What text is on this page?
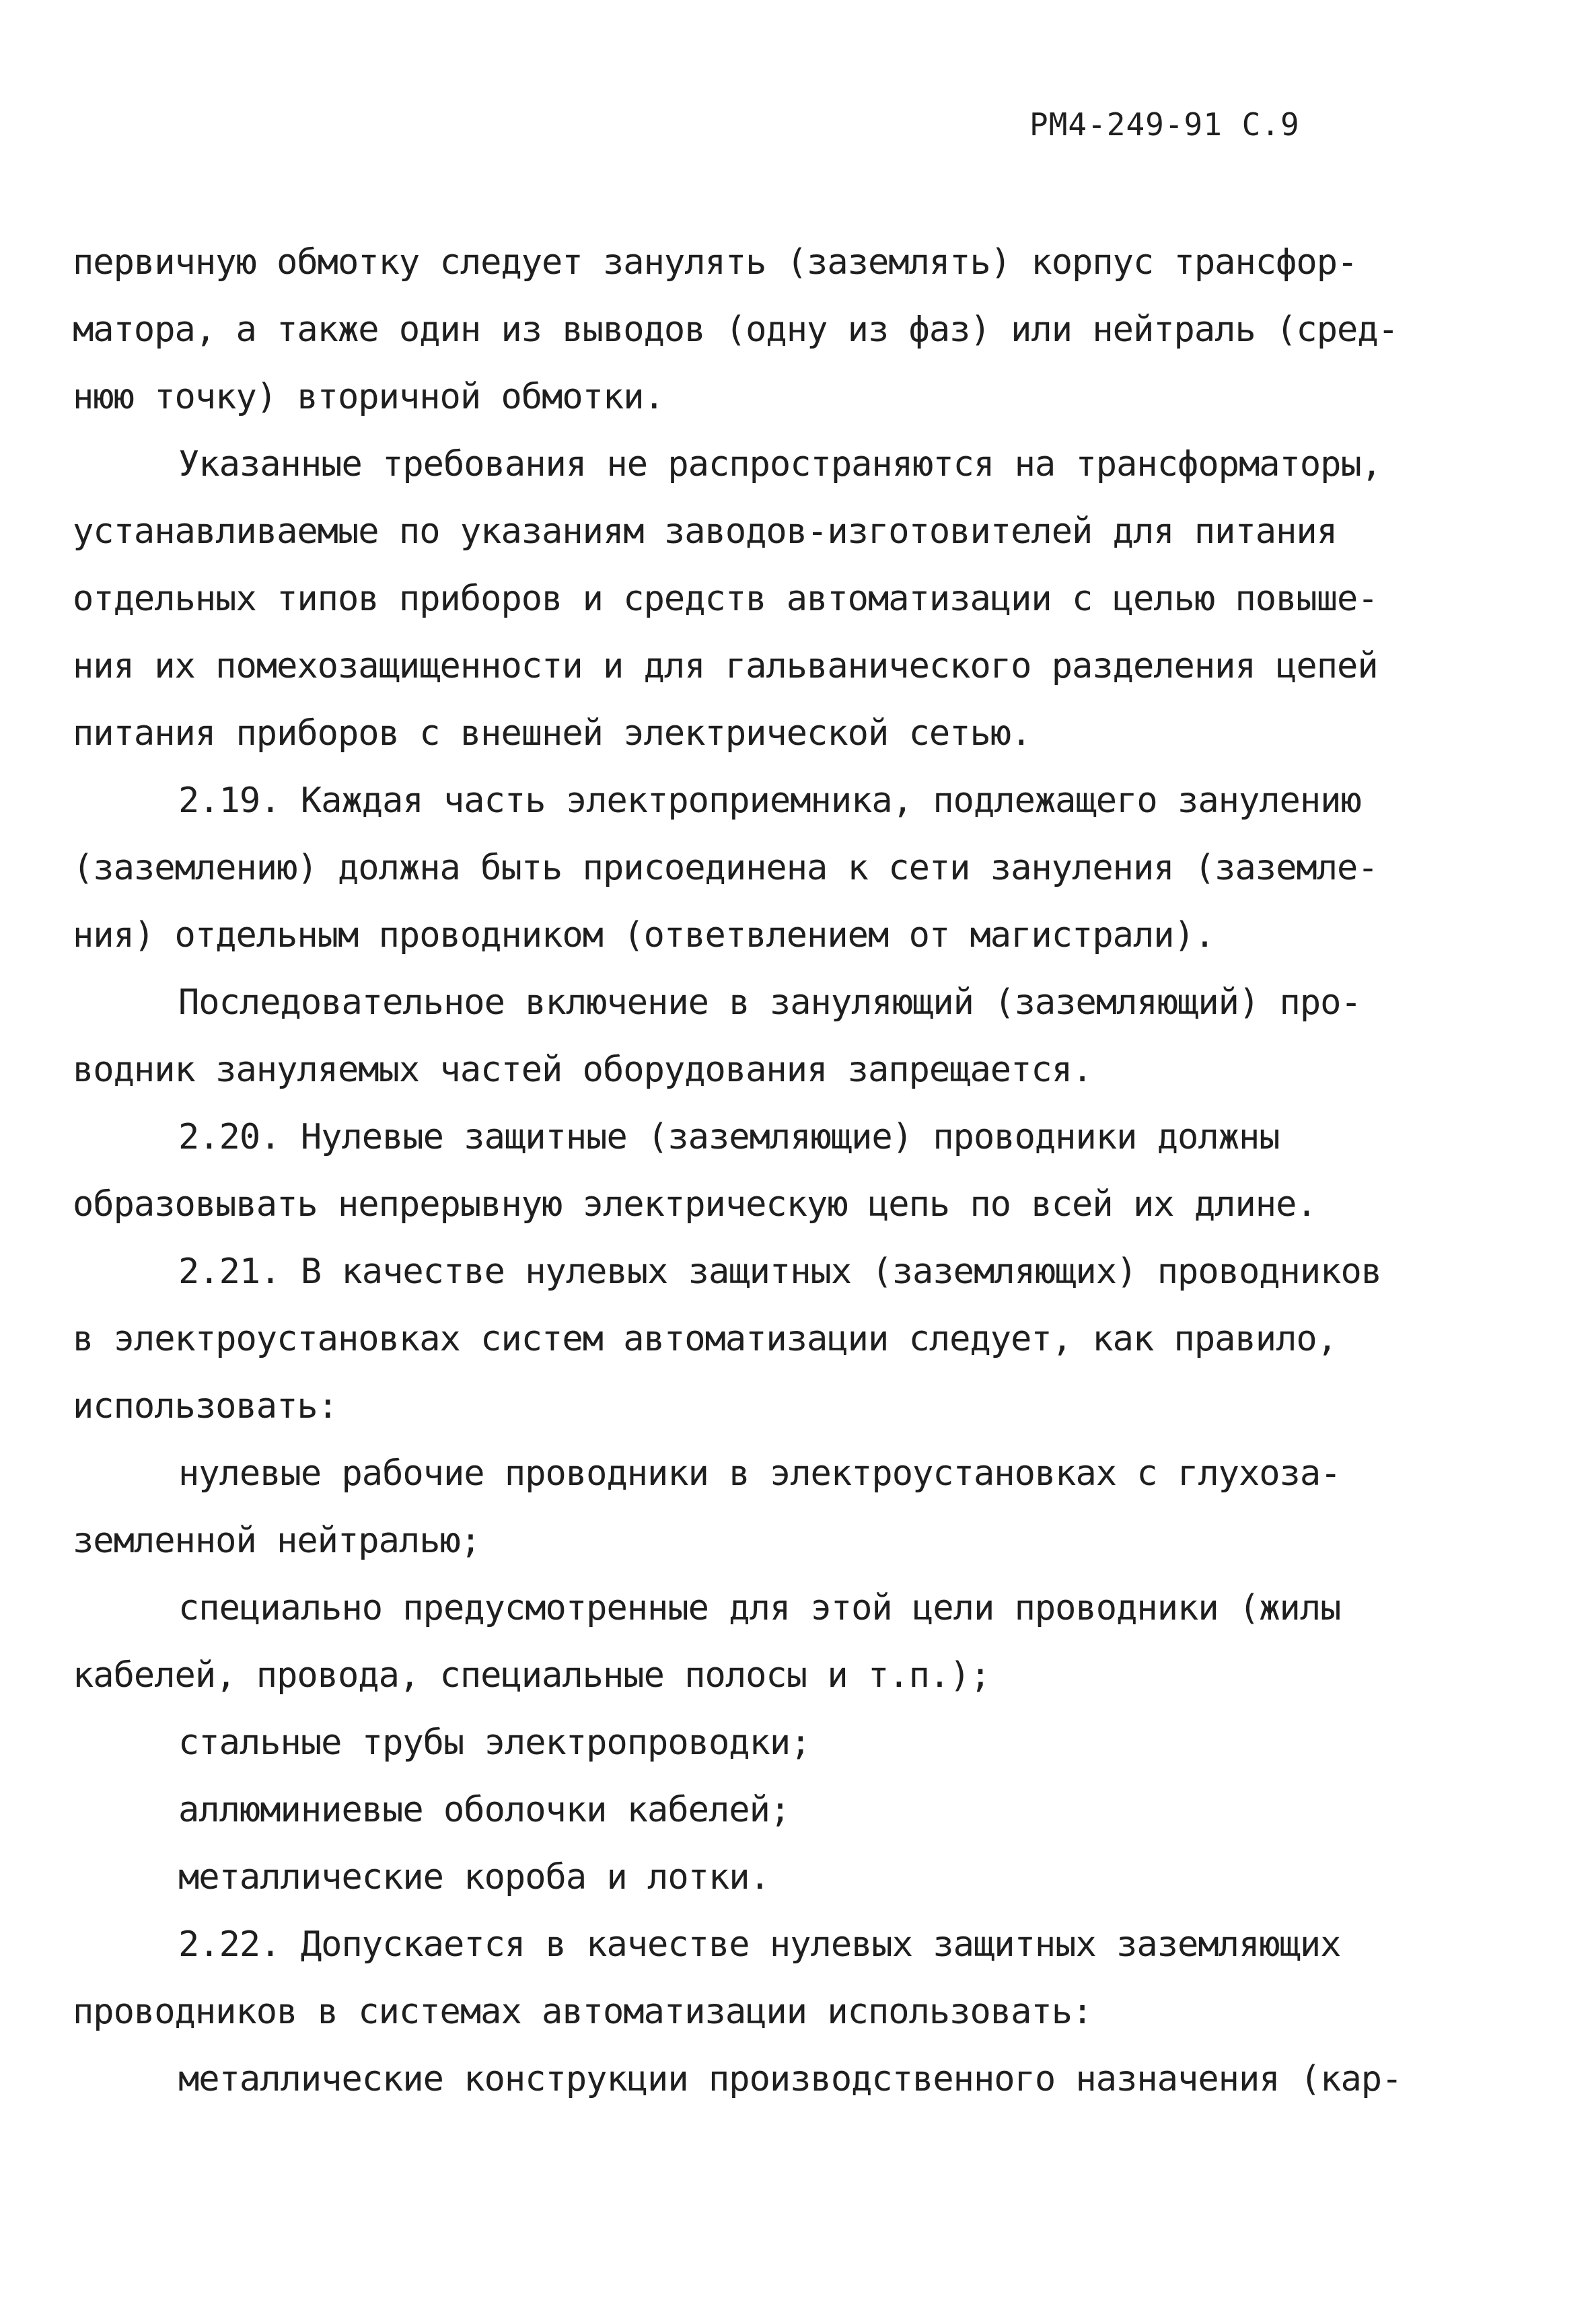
РМ4-249-91 С.9
первичную обмотку следует занулять (заземлять) корпус трансфор-
матора, а также один из выводов (одну из фаз) или нейтраль (сред-
нюю точку) вторичной обмотки.
Указанные требования не распространяются на трансформаторы,
устанавливаемые по указаниям заводов-изготовителей для питания
отдельных типов приборов и средств автоматизации с целью повыше-
ния их помехозащищенности и для гальванического разделения цепей
питания приборов с внешней электрической сетью.
2.19. Каждая часть электроприемника, подлежащего занулению
(заземлению) должна быть присоединена к сети зануления (заземле-
ния) отдельным проводником (ответвлением от магистрали).
Последовательное включение в зануляющий (заземляющий) про-
водник зануляемых частей оборудования запрещается.
2.20. Нулевые защитные (заземляющие) проводники должны
образовывать непрерывную электрическую цепь по всей их длине.
2.21. В качестве нулевых защитных (заземляющих) проводников
в электроустановках систем автоматизации следует, как правило,
использовать:
нулевые рабочие проводники в электроустановках с глухоза-
земленной нейтралью;
специально предусмотренные для этой цели проводники (жилы
кабелей, провода, специальные полосы и т.п.);
стальные трубы электропроводки;
аллюминиевые оболочки кабелей;
металлические короба и лотки.
2.22. Допускается в качестве нулевых защитных заземляющих
проводников в системах автоматизации использовать:
металлические конструкции производственного назначения (кар-
